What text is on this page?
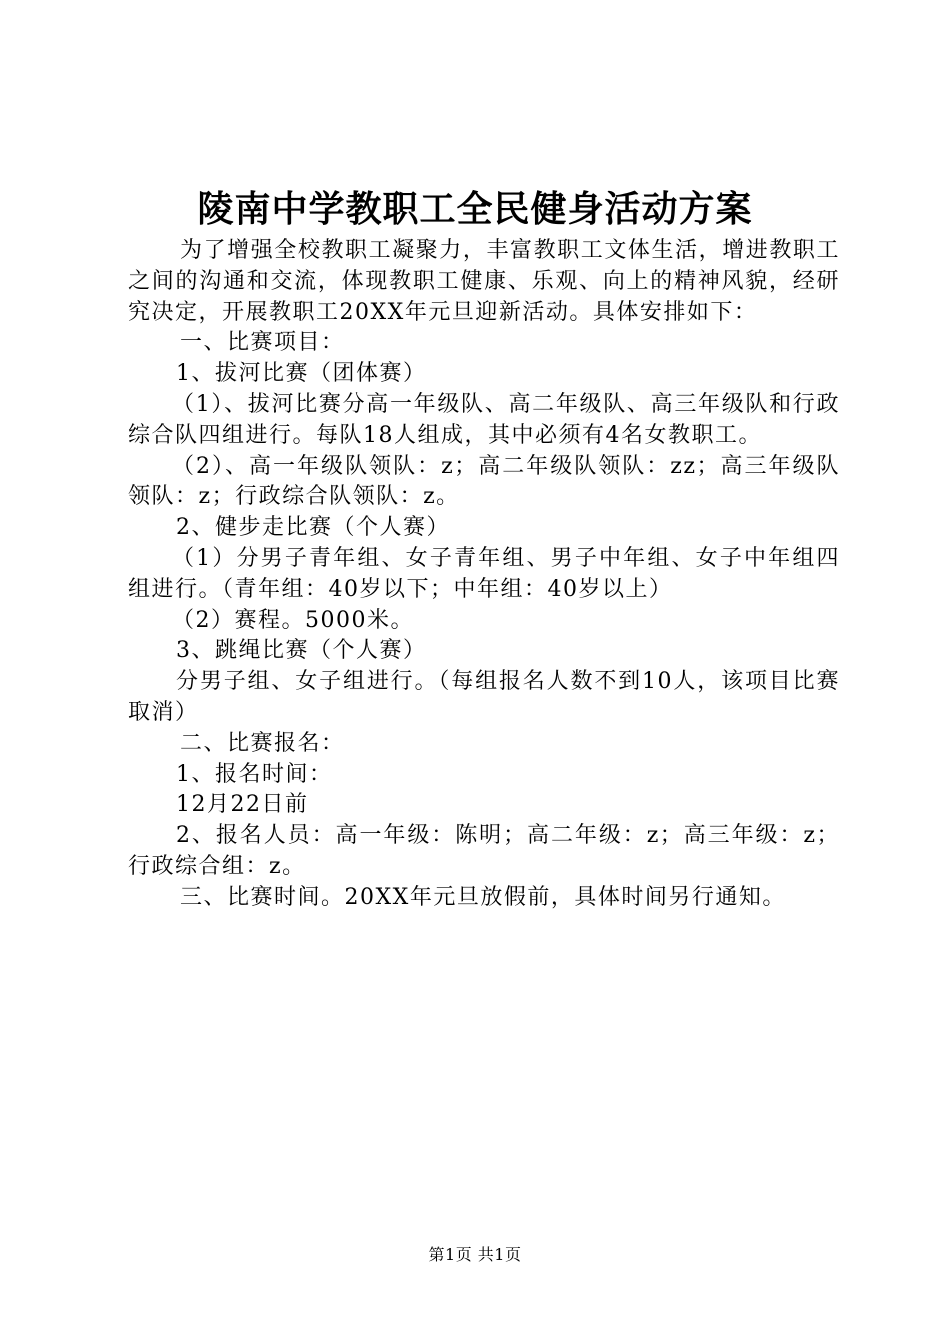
陵南中学教职工全民健身活动方案

为了增强全校教职工凝聚力，丰富教职工文体生活，增进教职工之间的沟通和交流，体现教职工健康、乐观、向上的精神风貌，经研究决定，开展教职工20XX年元旦迎新活动。具体安排如下：

一、比赛项目：

1、拔河比赛（团体赛）

（1）、拔河比赛分高一年级队、高二年级队、高三年级队和行政综合队四组进行。每队18人组成，其中必须有4名女教职工。

（2）、高一年级队领队：z；高二年级队领队：zz；高三年级队领队：z；行政综合队领队：z。

2、健步走比赛（个人赛）

（1）分男子青年组、女子青年组、男子中年组、女子中年组四组进行。（青年组：40岁以下；中年组：40岁以上）

（2）赛程。5000米。

3、跳绳比赛（个人赛）

分男子组、女子组进行。（每组报名人数不到10人，该项目比赛取消）

二、比赛报名：

1、报名时间：

12月22日前

2、报名人员：高一年级：陈明；高二年级：z；高三年级：z；行政综合组：z。

三、比赛时间。20XX年元旦放假前，具体时间另行通知。

第1页 共1页
